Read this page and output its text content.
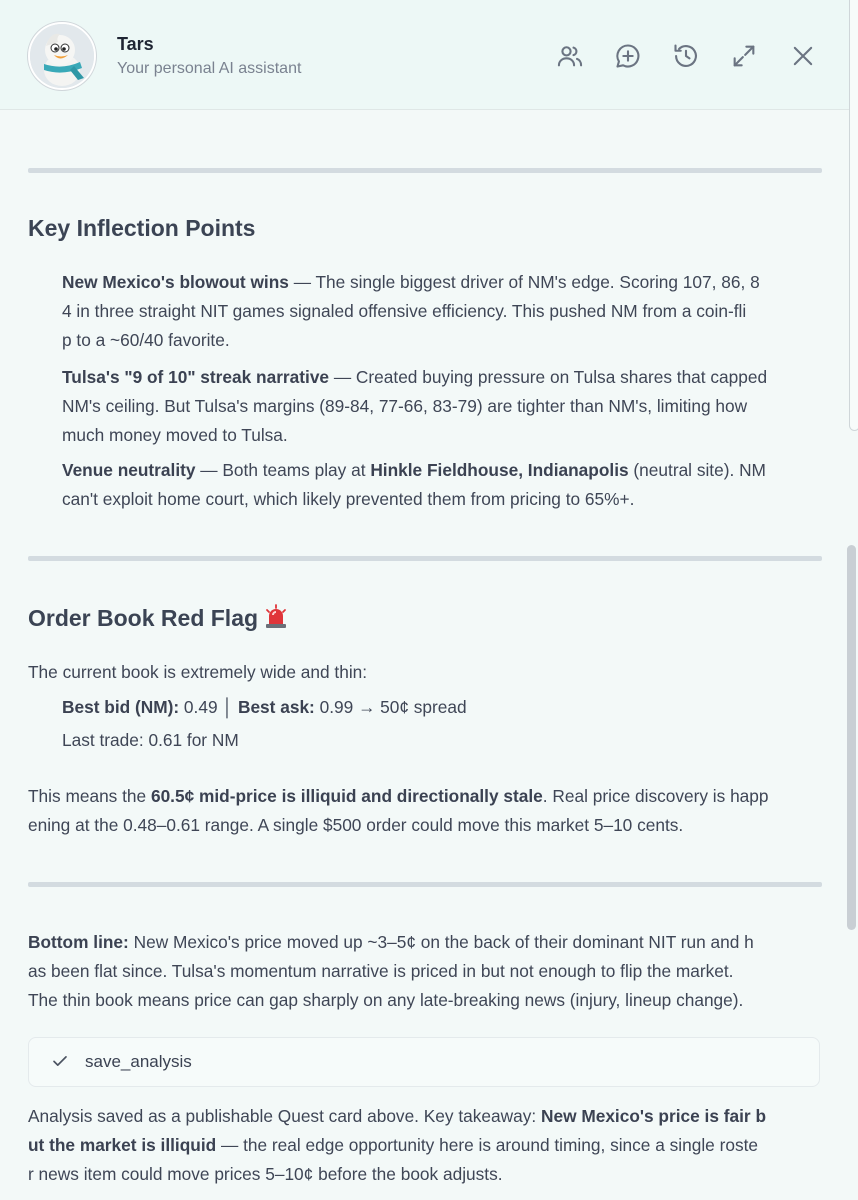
Tars
Your personal AI assistant
Key Inflection Points
New Mexico's blowout wins — The single biggest driver of NM's edge. Scoring 107, 86, 8
4 in three straight NIT games signaled offensive efficiency. This pushed NM from a coin-fli
p to a ~60/40 favorite.
Tulsa's "9 of 10" streak narrative — Created buying pressure on Tulsa shares that capped
NM's ceiling. But Tulsa's margins (89-84, 77-66, 83-79) are tighter than NM's, limiting how
much money moved to Tulsa.
Venue neutrality — Both teams play at Hinkle Fieldhouse, Indianapolis (neutral site). NM
can't exploit home court, which likely prevented them from pricing to 65%+.
Order Book Red Flag
The current book is extremely wide and thin:
Best bid (NM): 0.49 │ Best ask: 0.99 → 50¢ spread
Last trade: 0.61 for NM
This means the 60.5¢ mid-price is illiquid and directionally stale. Real price discovery is happ
ening at the 0.48–0.61 range. A single $500 order could move this market 5–10 cents.
Bottom line: New Mexico's price moved up ~3–5¢ on the back of their dominant NIT run and h
as been flat since. Tulsa's momentum narrative is priced in but not enough to flip the market.
The thin book means price can gap sharply on any late-breaking news (injury, lineup change).
save_analysis
Analysis saved as a publishable Quest card above. Key takeaway: New Mexico's price is fair b
ut the market is illiquid — the real edge opportunity here is around timing, since a single roste
r news item could move prices 5–10¢ before the book adjusts.
